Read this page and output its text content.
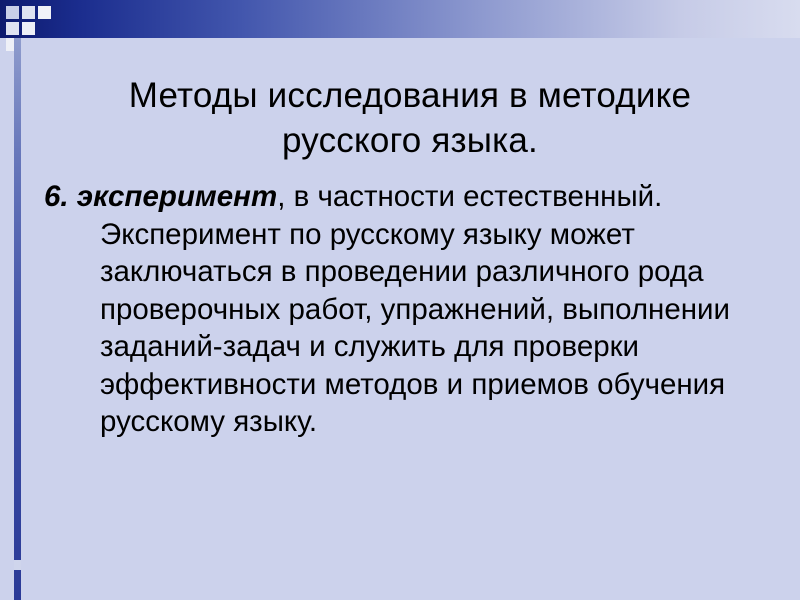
Методы исследования в методике русского языка.

6. эксперимент, в частности естественный. Эксперимент по русскому языку может заключаться в проведении различного рода проверочных работ, упражнений, выполнении заданий-задач и служить для проверки эффективности методов и приемов обучения русскому языку.
